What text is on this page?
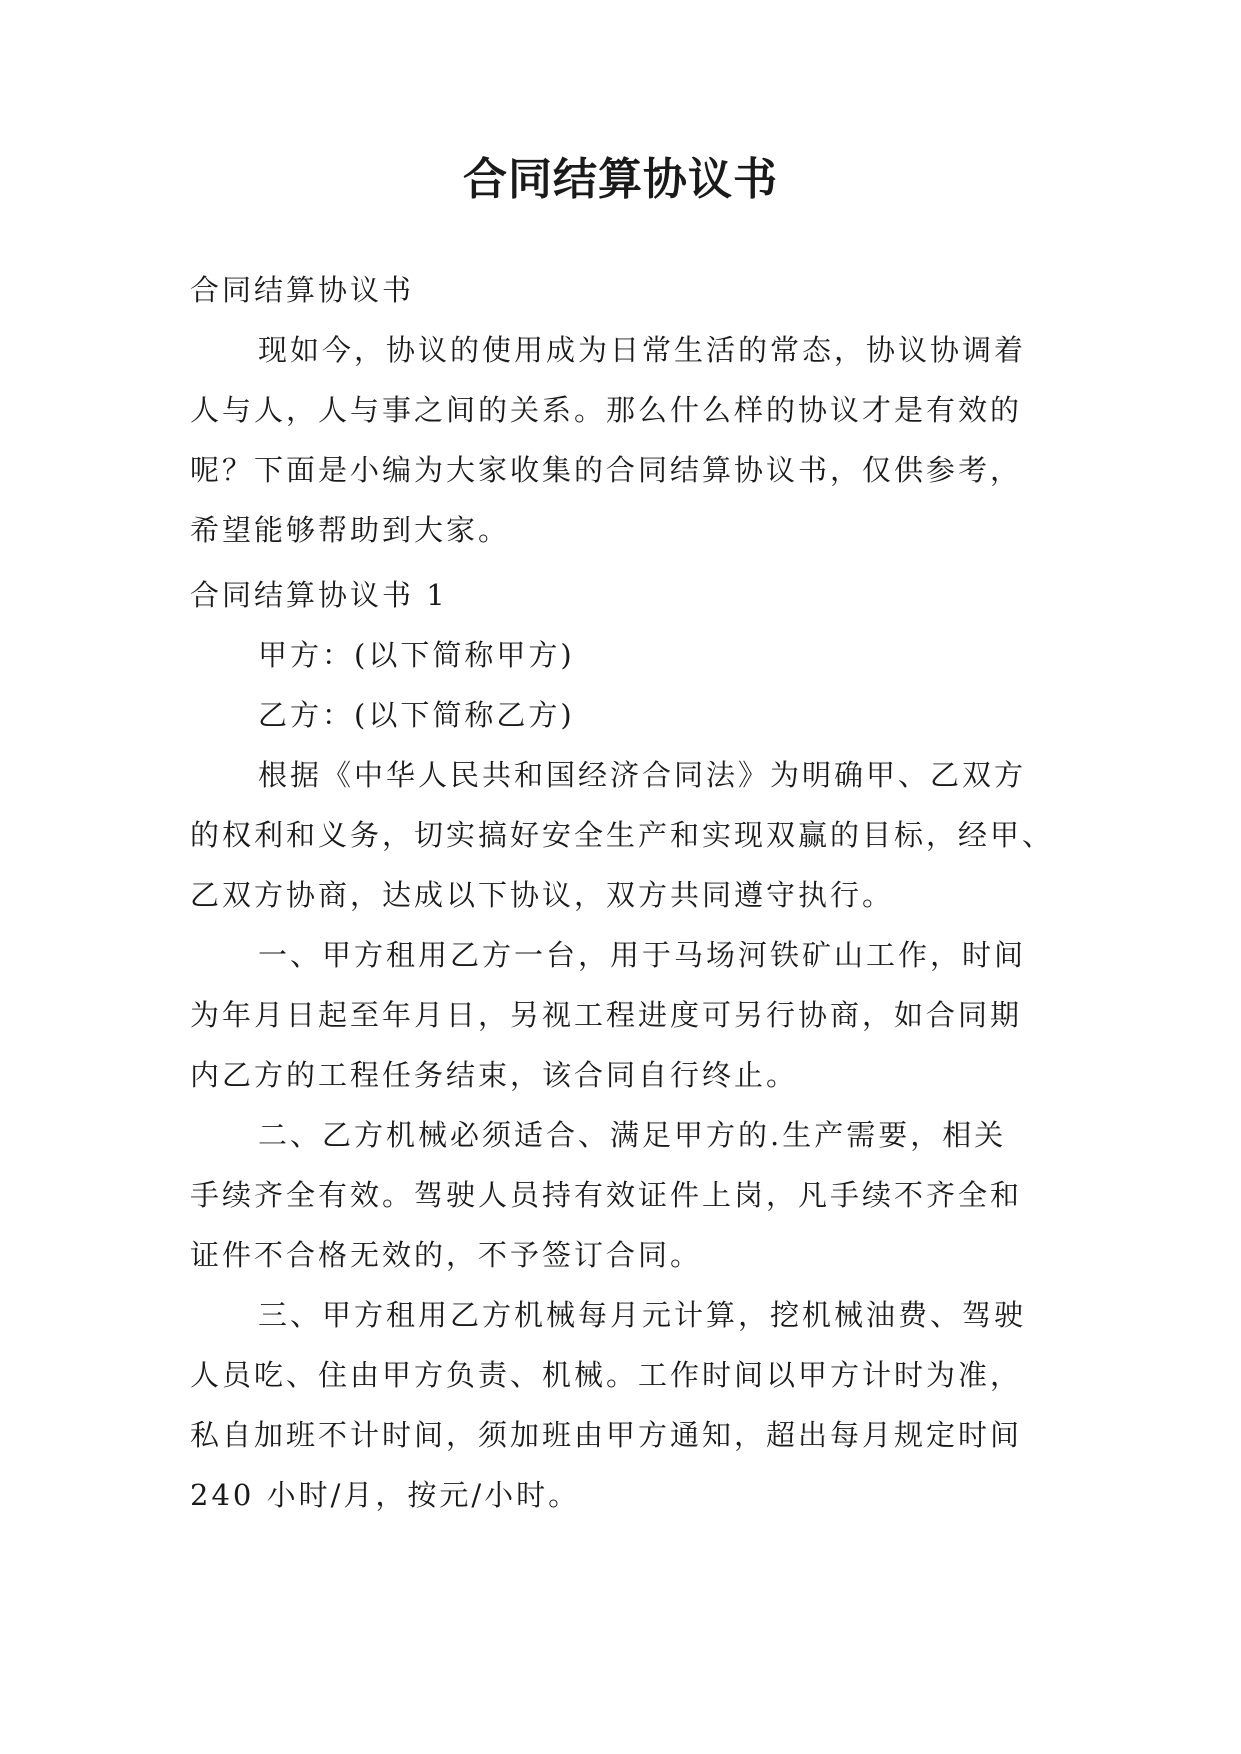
合同结算协议书
合同结算协议书
现如今，协议的使用成为日常生活的常态，协议协调着
人与人，人与事之间的关系。那么什么样的协议才是有效的
呢？下面是小编为大家收集的合同结算协议书，仅供参考，
希望能够帮助到大家。
合同结算协议书 1
甲方：(以下简称甲方)
乙方：(以下简称乙方)
根据《中华人民共和国经济合同法》为明确甲、乙双方
的权利和义务，切实搞好安全生产和实现双赢的目标，经甲、
乙双方协商，达成以下协议，双方共同遵守执行。
一、甲方租用乙方一台，用于马场河铁矿山工作，时间
为年月日起至年月日，另视工程进度可另行协商，如合同期
内乙方的工程任务结束，该合同自行终止。
二、乙方机械必须适合、满足甲方的.生产需要，相关
手续齐全有效。驾驶人员持有效证件上岗，凡手续不齐全和
证件不合格无效的，不予签订合同。
三、甲方租用乙方机械每月元计算，挖机械油费、驾驶
人员吃、住由甲方负责、机械。工作时间以甲方计时为准，
私自加班不计时间，须加班由甲方通知，超出每月规定时间
240 小时/月，按元/小时。
